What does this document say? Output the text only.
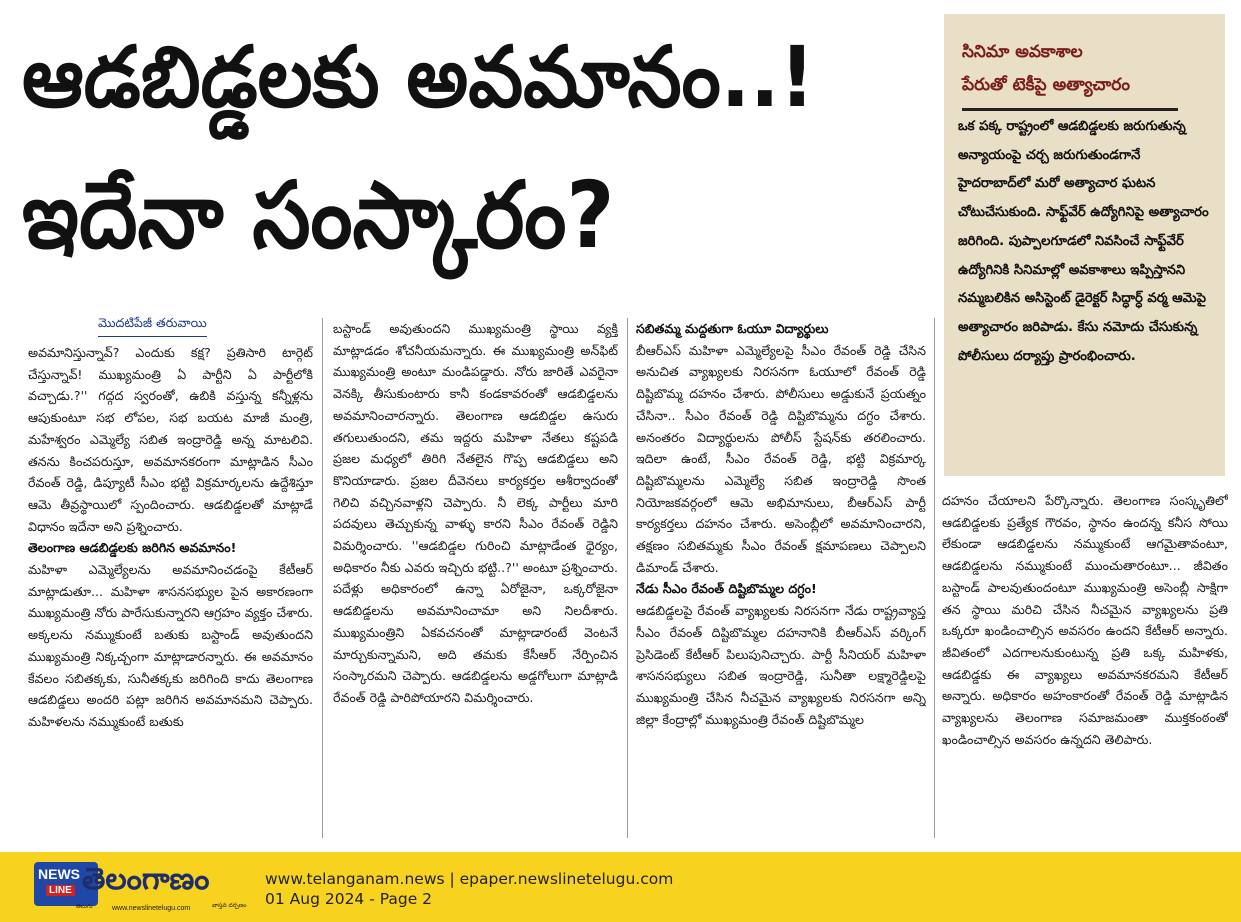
ఆడబిడ్డలకు అవమానం..!
ఇదేనా సంస్కారం?
సినిమా అవకాశాల
పేరుతో టెకీపై అత్యాచారం
ఒక పక్క రాష్ట్రంలో ఆడబిడ్డలకు జరుగుతున్న అన్యాయంపై చర్చ జరుగుతుండగానే హైదరాబాద్‌లో మరో అత్యాచార ఘటన చోటుచేసుకుంది. సాఫ్ట్‌వేర్ ఉద్యోగినిపై అత్యాచారం జరిగింది. పుప్పాలగూడలో నివసించే సాఫ్ట్‌వేర్ ఉద్యోగినికి సినిమాల్లో అవకాశాలు ఇప్పిస్తానని నమ్మబలికిన అసిస్టెంట్ డైరెక్టర్ సిద్ధార్ధ్ వర్మ ఆమెపై అత్యాచారం జరిపాడు. కేసు నమోదు చేసుకున్న పోలీసులు దర్యాప్తు ప్రారంభించారు.
మొదటిపేజీ తరువాయి

అవమానిస్తున్నావ్‌? ఎందుకు కక్ష? ప్రతిసారి టార్గెట్ చేస్తున్నావ్‌! ముఖ్యమంత్రి ఏ పార్టీని ఏ పార్టీలోకి వచ్చాడు.?'' గద్గద స్వరంతో, ఉబికి వస్తున్న కన్నీళ్లను ఆపుకుంటూ సభ లోపల, సభ బయట మాజీ మంత్రి, మహేశ్వరం ఎమ్మెల్యే సబిత ఇంద్రారెడ్డి అన్న మాటలివి. తనను కించపరుస్తూ, అవమానకరంగా మాట్లాడిన సీఎం రేవంత్ రెడ్డి, డిప్యూటీ సీఎం భట్టి విక్రమార్కలను ఉద్దేశిస్తూ ఆమె తీవ్రస్థాయిలో స్పందించారు. ఆడబిడ్డలతో మాట్లాడే విధానం ఇదేనా అని ప్రశ్నించారు.

తెలంగాణ ఆడబిడ్డలకు జరిగిన అవమానం!

మహిళా ఎమ్మెల్యేలను అవమానించడంపై కేటీఆర్ మాట్లాడుతూ... మహిళా శాసనసభ్యుల పైన అకారణంగా ముఖ్యమంత్రి నోరు పారేసుకున్నారని ఆగ్రహం వ్యక్తం చేశారు. అక్కలను నమ్ముకుంటే బతుకు బస్టాండ్ అవుతుందని ముఖ్యమంత్రి నిక్కచ్చంగా మాట్లాడారన్నారు. ఈ అవమానం కేవలం సబితక్కకు, సునీతక్కకు జరిగింది కాదు తెలంగాణ ఆడబిడ్డలు అందరి పట్లా జరిగిన అవమానమని చెప్పారు. మహిళలను నమ్ముకుంటే బతుకు

బస్టాండ్ అవుతుందని ముఖ్యమంత్రి స్థాయి వ్యక్తి మాట్లాడడం శోచనీయమన్నారు. ఈ ముఖ్యమంత్రి అన్‌ఫిట్ ముఖ్యమంత్రి అంటూ మండిపడ్డారు. నోరు జారితే ఎవరైనా వెనక్కి తీసుకుంటారు కానీ కండకావరంతో ఆడబిడ్డలను అవమానించారన్నారు. తెలంగాణ ఆడబిడ్డల ఉసురు తగులుతుందని, తమ ఇద్దరు మహిళా నేతలు కష్టపడి ప్రజల మధ్యలో తిరిగి నేతలైన గొప్ప ఆడబిడ్డలు అని కొనియాడారు. ప్రజల దీవెనలు కార్యకర్తల ఆశీర్వాదంతో గెలిచి వచ్చినవాళ్లని చెప్పారు. నీ లెక్క పార్టీలు మారి పదవులు తెచ్చుకున్న వాళ్ళు కారని సీఎం రేవంత్ రెడ్డిని విమర్శించారు. ''ఆడబిడ్డల గురించి మాట్లాడేంత ధైర్యం, అధికారం నీకు ఎవరు ఇచ్చిరు భట్టి..?'' అంటూ ప్రశ్నించారు. పదేళ్లు అధికారంలో ఉన్నా ఏరోజైనా, ఒక్కరోజైనా ఆడబిడ్డలను అవమానించామా అని నిలదీశారు. ముఖ్యమంత్రిని ఏకవచనంతో మాట్లాడారంటే వెంటనే మార్చుకున్నామని, అది తమకు కేసీఆర్ నేర్పించిన సంస్కారమని చెప్పారు. ఆడబిడ్డలను అడ్డగోలుగా మాట్లాడి రేవంత్ రెడ్డి పారిపోయారని విమర్శించారు.

సబితమ్మ మద్దతుగా ఓయూ విద్యార్థులు

బీఆర్ఎస్ మహిళా ఎమ్మెల్యేలపై సీఎం రేవంత్ రెడ్డి చేసిన అనుచిత వ్యాఖ్యలకు నిరసనగా ఓయూలో రేవంత్ రెడ్డి దిష్టిబొమ్మ దహనం చేశారు. పోలీసులు అడ్డుకునే ప్రయత్నం చేసినా.. సీఎం రేవంత్ రెడ్డి దిష్టిబొమ్మను దగ్ధం చేశారు. అనంతరం విద్యార్థులను పోలీస్ స్టేషన్‌కు తరలించారు. ఇదిలా ఉంటే, సీఎం రేవంత్ రెడ్డి, భట్టి విక్రమార్క దిష్టిబొమ్మలను ఎమ్మెల్యే సబిత ఇంద్రారెడ్డి సొంత నియోజకవర్గంలో ఆమె అభిమానులు, బీఆర్ఎస్ పార్టీ కార్యకర్తలు దహనం చేశారు. అసెంబ్లీలో అవమానించారని, తక్షణం సబితమ్మకు సీఎం రేవంత్ క్షమాపణలు చెప్పాలని డిమాండ్ చేశారు.

నేడు సీఎం రేవంత్ దిష్టిబొమ్మల దగ్ధం!

ఆడబిడ్డలపై రేవంత్ వ్యాఖ్యలకు నిరసనగా నేడు రాష్ట్రవ్యాప్త సీఎం రేవంత్ దిష్టిబొమ్మల దహనానికి బీఆర్ఎస్ వర్కింగ్ ప్రెసిడెంట్ కేటీఆర్ పిలుపునిచ్చారు. పార్టీ సీనియర్ మహిళా శాసనసభ్యులు సబిత ఇంద్రారెడ్డి, సునీతా లక్ష్మారెడ్డిలపై ముఖ్యమంత్రి చేసిన నీచమైన వ్యాఖ్యలకు నిరసనగా అన్ని జిల్లా కేంద్రాల్లో ముఖ్యమంత్రి రేవంత్ దిష్టిబొమ్మల

దహనం చేయాలని పేర్కొన్నారు. తెలంగాణ సంస్కృతిలో ఆడబిడ్డలకు ప్రత్యేక గౌరవం, స్థానం ఉందన్న కనీస సోయి లేకుండా ఆడబిడ్డలను నమ్ముకుంటే ఆగమైతావంటూ, ఆడబిడ్డలను నమ్ముకుంటే ముంచుతారంటూ... జీవితం బస్టాండ్ పాలవుతుందంటూ ముఖ్యమంత్రి అసెంబ్లీ సాక్షిగా తన స్థాయి మరిచి చేసిన నీచమైన వ్యాఖ్యలను ప్రతి ఒక్కరూ ఖండించాల్సిన అవసరం ఉందని కేటీఆర్ అన్నారు. జీవితంలో ఎదగాలనుకుంటున్న ప్రతి ఒక్క మహిళకు, ఆడబిడ్డకు ఈ వ్యాఖ్యలు అవమానకరమని కేటీఆర్ అన్నారు. అధికారం అహంకారంతో రేవంత్ రెడ్డి మాట్లాడిన వ్యాఖ్యలను తెలంగాణ సమాజమంతా ముక్తకంఠంతో ఖండించాల్సిన అవసరం ఉన్నదని తెలిపారు.

NEWS
LINE తెలంగాణం
తెలుగు	వాస్తవ దర్పణం
www.newslinetelugu.com
www.telanganam.news | epaper.newslinetelugu.com
01 Aug 2024 - Page 2
